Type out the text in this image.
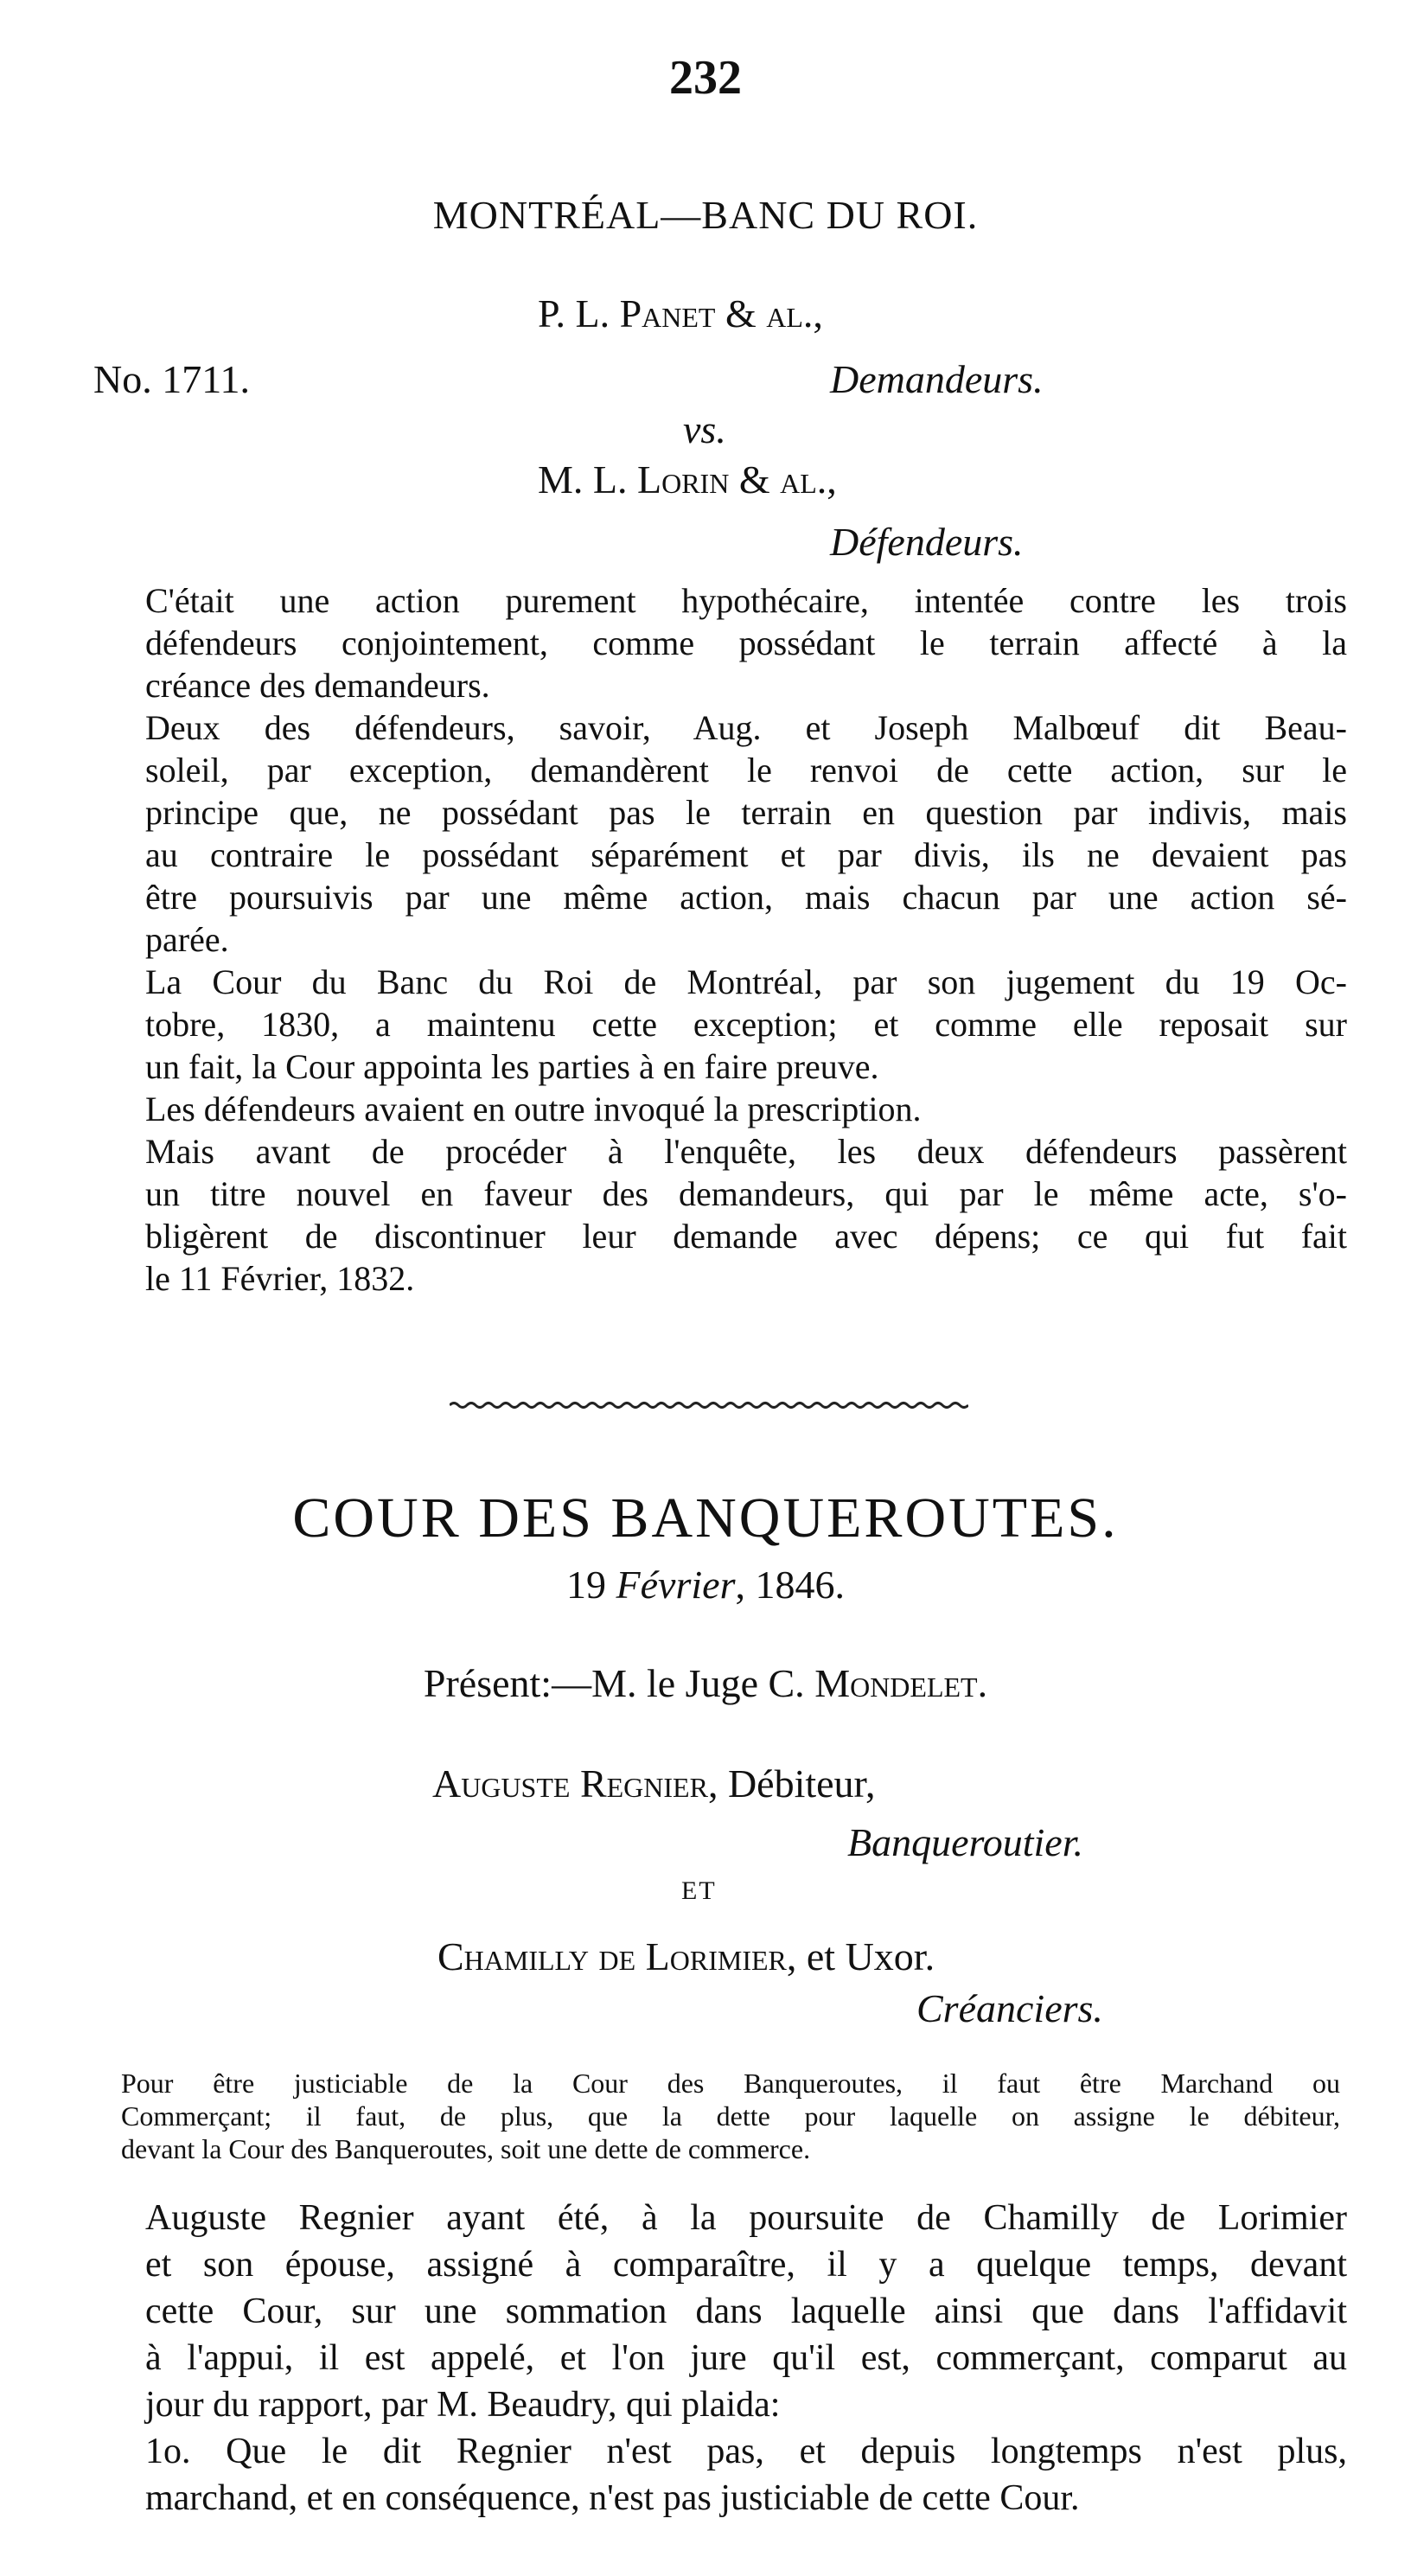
232
MONTRÉAL—BANC DU ROI.
P. L. Panet & al.,
No. 1711.	Demandeurs.
vs.
M. L. Lorin & al.,
Défendeurs.

C'était une action purement hypothécaire, intentée contre les trois
défendeurs conjointement, comme possédant le terrain affecté à la
créance des demandeurs.

Deux des défendeurs, savoir, Aug. et Joseph Malbœuf dit Beau-
soleil, par exception, demandèrent le renvoi de cette action, sur le
principe que, ne possédant pas le terrain en question par indivis, mais
au contraire le possédant séparément et par divis, ils ne devaient pas
être poursuivis par une même action, mais chacun par une action sé-
parée.

La Cour du Banc du Roi de Montréal, par son jugement du 19 Oc-
tobre, 1830, a maintenu cette exception; et comme elle reposait sur
un fait, la Cour appointa les parties à en faire preuve.

Les défendeurs avaient en outre invoqué la prescription.

Mais avant de procéder à l'enquête, les deux défendeurs passèrent
un titre nouvel en faveur des demandeurs, qui par le même acte, s'o-
bligèrent de discontinuer leur demande avec dépens; ce qui fut fait
le 11 Février, 1832.

COUR DES BANQUEROUTES.
19 Février, 1846.
Présent:—M. le Juge C. Mondelet.
Auguste Regnier, Débiteur,
Banqueroutier.
ET
Chamilly de Lorimier, et Uxor.
Créanciers.
Pour être justiciable de la Cour des Banqueroutes, il faut être Marchand ou
Commerçant; il faut, de plus, que la dette pour laquelle on assigne le débiteur,
devant la Cour des Banqueroutes, soit une dette de commerce.

Auguste Regnier ayant été, à la poursuite de Chamilly de Lorimier
et son épouse, assigné à comparaître, il y a quelque temps, devant
cette Cour, sur une sommation dans laquelle ainsi que dans l'affidavit
à l'appui, il est appelé, et l'on jure qu'il est, commerçant, comparut au
jour du rapport, par M. Beaudry, qui plaida:

1o. Que le dit Regnier n'est pas, et depuis longtemps n'est plus,
marchand, et en conséquence, n'est pas justiciable de cette Cour.
